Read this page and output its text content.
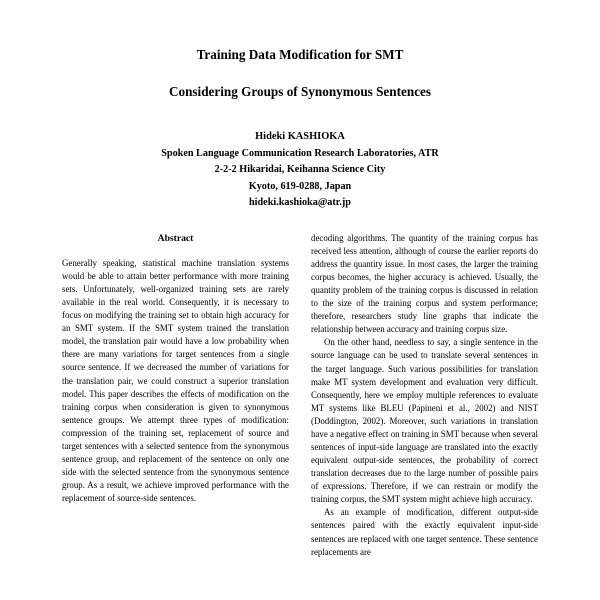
Training Data Modification for SMT
Considering Groups of Synonymous Sentences
Hideki KASHIOKA
Spoken Language Communication Research Laboratories, ATR
2-2-2 Hikaridai, Keihanna Science City
Kyoto, 619-0288, Japan
hideki.kashioka@atr.jp
Abstract

Generally speaking, statistical machine translation systems would be able to attain better performance with more training sets. Unfortunately, well-organized training sets are rarely available in the real world. Consequently, it is necessary to focus on modifying the training set to obtain high accuracy for an SMT system. If the SMT system trained the translation model, the translation pair would have a low probability when there are many variations for target sentences from a single source sentence. If we decreased the number of variations for the translation pair, we could construct a superior translation model. This paper describes the effects of modification on the training corpus when consideration is given to synonymous sentence groups. We attempt three types of modification: compression of the training set, replacement of source and target sentences with a selected sentence from the synonymous sentence group, and replacement of the sentence on only one side with the selected sentence from the synonymous sentence group. As a result, we achieve improved performance with the replacement of source-side sentences.

decoding algorithms. The quantity of the training corpus has received less attention, although of course the earlier reports do address the quantity issue. In most cases, the larger the training corpus becomes, the higher accuracy is achieved. Usually, the quantity problem of the training corpus is discussed in relation to the size of the training corpus and system performance; therefore, researchers study line graphs that indicate the relationship between accuracy and training corpus size.

On the other hand, needless to say, a single sentence in the source language can be used to translate several sentences in the target language. Such various possibilities for translation make MT system development and evaluation very difficult. Consequently, here we employ multiple references to evaluate MT systems like BLEU (Papineni et al., 2002) and NIST (Doddington, 2002). Moreover, such variations in translation have a negative effect on training in SMT because when several sentences of input-side language are translated into the exactly equivalent output-side sentences, the probability of correct translation decreases due to the large number of possible pairs of expressions. Therefore, if we can restrain or modify the training corpus, the SMT system might achieve high accuracy.

As an example of modification, different output-side sentences paired with the exactly equivalent input-side sentences are replaced with one target sentence. These sentence replacements are
